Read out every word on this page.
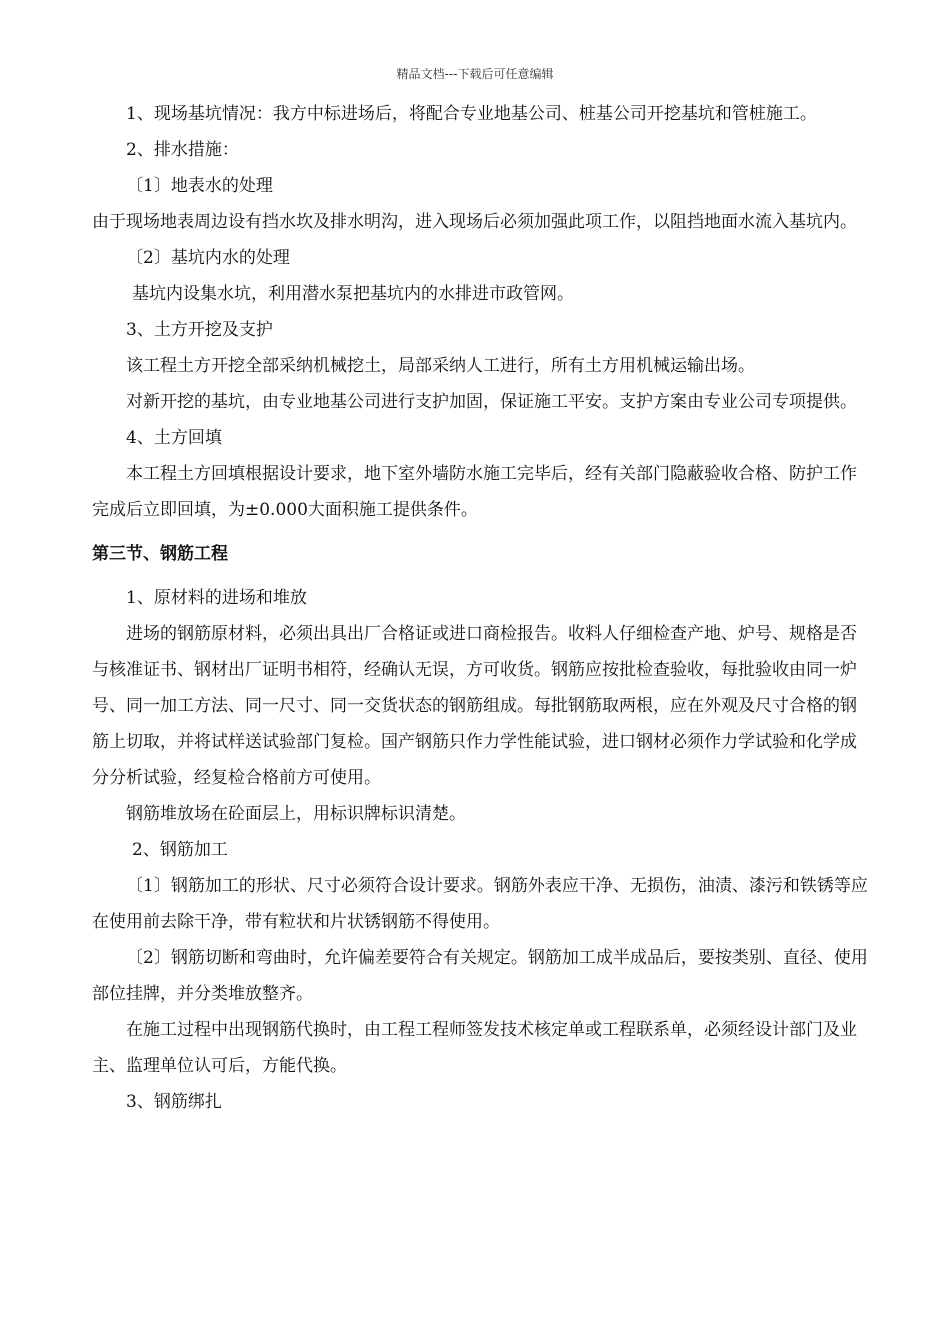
精品文档---下载后可任意编辑

1、现场基坑情况：我方中标进场后，将配合专业地基公司、桩基公司开挖基坑和管桩施工。

2、排水措施：

〔1〕地表水的处理

由于现场地表周边设有挡水坎及排水明沟，进入现场后必须加强此项工作，以阻挡地面水流入基坑内。

〔2〕基坑内水的处理

基坑内设集水坑，利用潜水泵把基坑内的水排进市政管网。

3、土方开挖及支护

该工程土方开挖全部采纳机械挖土，局部采纳人工进行，所有土方用机械运输出场。

对新开挖的基坑，由专业地基公司进行支护加固，保证施工平安。支护方案由专业公司专项提供。

4、土方回填

本工程土方回填根据设计要求，地下室外墙防水施工完毕后，经有关部门隐蔽验收合格、防护工作完成后立即回填，为±0.000大面积施工提供条件。

第三节、钢筋工程

1、原材料的进场和堆放

进场的钢筋原材料，必须出具出厂合格证或进口商检报告。收料人仔细检查产地、炉号、规格是否与核准证书、钢材出厂证明书相符，经确认无误，方可收货。钢筋应按批检查验收，每批验收由同一炉号、同一加工方法、同一尺寸、同一交货状态的钢筋组成。每批钢筋取两根，应在外观及尺寸合格的钢筋上切取，并将试样送试验部门复检。国产钢筋只作力学性能试验，进口钢材必须作力学试验和化学成分分析试验，经复检合格前方可使用。

钢筋堆放场在砼面层上，用标识牌标识清楚。

2、钢筋加工

〔1〕钢筋加工的形状、尺寸必须符合设计要求。钢筋外表应干净、无损伤，油渍、漆污和铁锈等应在使用前去除干净，带有粒状和片状锈钢筋不得使用。

〔2〕钢筋切断和弯曲时，允许偏差要符合有关规定。钢筋加工成半成品后，要按类别、直径、使用部位挂牌，并分类堆放整齐。

在施工过程中出现钢筋代换时，由工程工程师签发技术核定单或工程联系单，必须经设计部门及业主、监理单位认可后，方能代换。

3、钢筋绑扎
